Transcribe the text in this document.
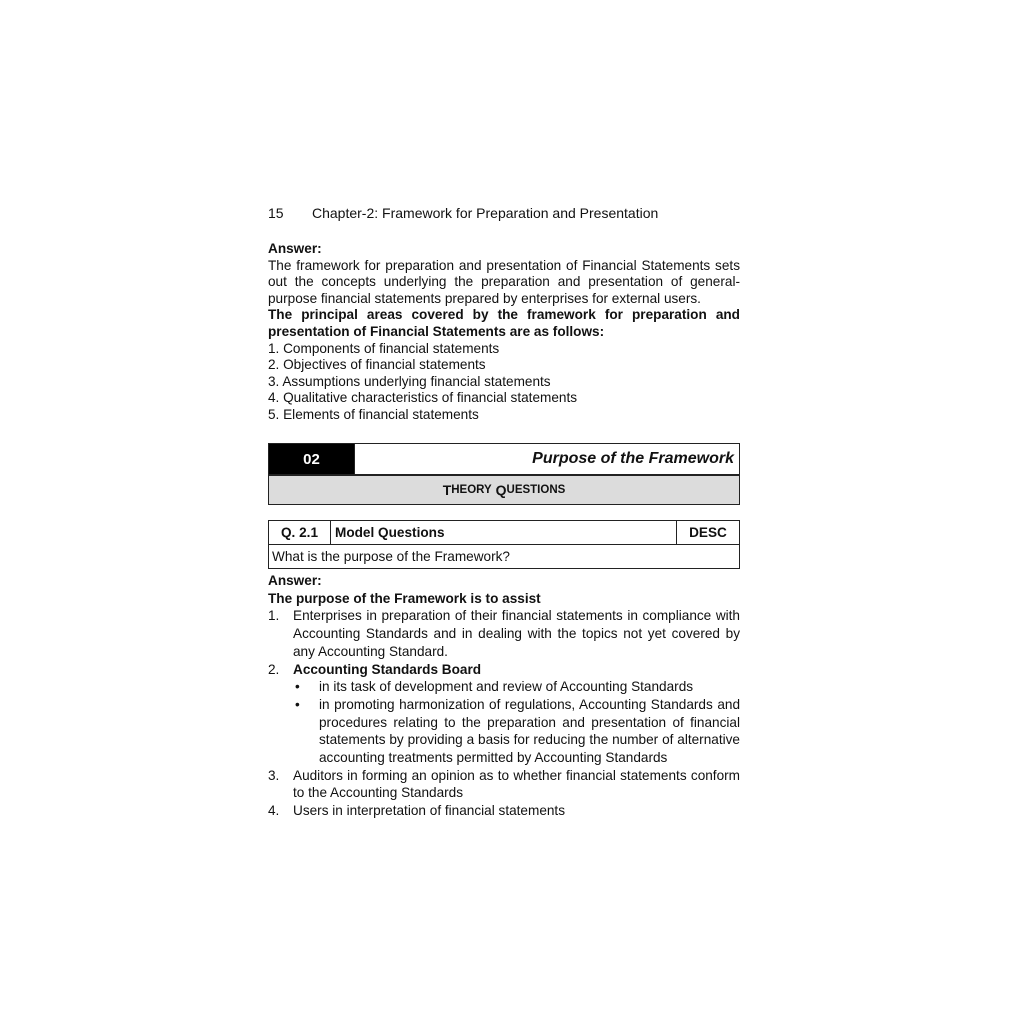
15 Chapter-2: Framework for Preparation and Presentation
Answer:
The framework for preparation and presentation of Financial Statements sets
out the concepts underlying the preparation and presentation of general-
purpose financial statements prepared by enterprises for external users.
The principal areas covered by the framework for preparation and
presentation of Financial Statements are as follows:
1. Components of financial statements
2. Objectives of financial statements
3. Assumptions underlying financial statements
4. Qualitative characteristics of financial statements
5. Elements of financial statements
02	Purpose of the Framework
T HEORY
Q UESTIONS
Q. 2.1	Model Questions	DESC
What is the purpose of the Framework?
Answer:
The purpose of the Framework is to assist
1.	Enterprises in preparation of their financial statements in compliance with Accounting Standards and in dealing with the topics not yet covered by any Accounting Standard.
2.	Accounting Standards Board
•	in its task of development and review of Accounting Standards
•	in promoting harmonization of regulations, Accounting Standards and procedures relating to the preparation and presentation of financial statements by providing a basis for reducing the number of alternative accounting treatments permitted by Accounting Standards
3.	Auditors in forming an opinion as to whether financial statements conform to the Accounting Standards
4.	Users in interpretation of financial statements
